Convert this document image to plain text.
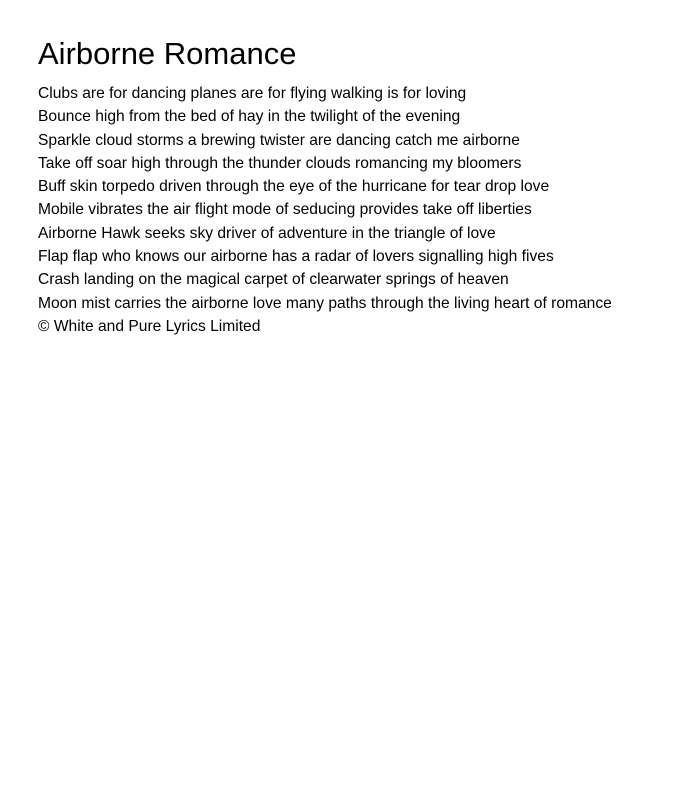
Airborne Romance
Clubs are for dancing planes are for flying walking is for loving
Bounce high from the bed of hay in the twilight of the evening
Sparkle cloud storms a brewing twister are dancing catch me airborne
Take off soar high through the thunder clouds romancing my bloomers
Buff skin torpedo driven through the eye of the hurricane for tear drop love
Mobile vibrates the air flight mode of seducing provides take off liberties
Airborne Hawk seeks sky driver of adventure in the triangle of love
Flap flap who knows our airborne has a radar of lovers signalling high fives
Crash landing on the magical carpet of clearwater springs of heaven
Moon mist carries the airborne love many paths through the living heart of romance
© White and Pure Lyrics Limited
